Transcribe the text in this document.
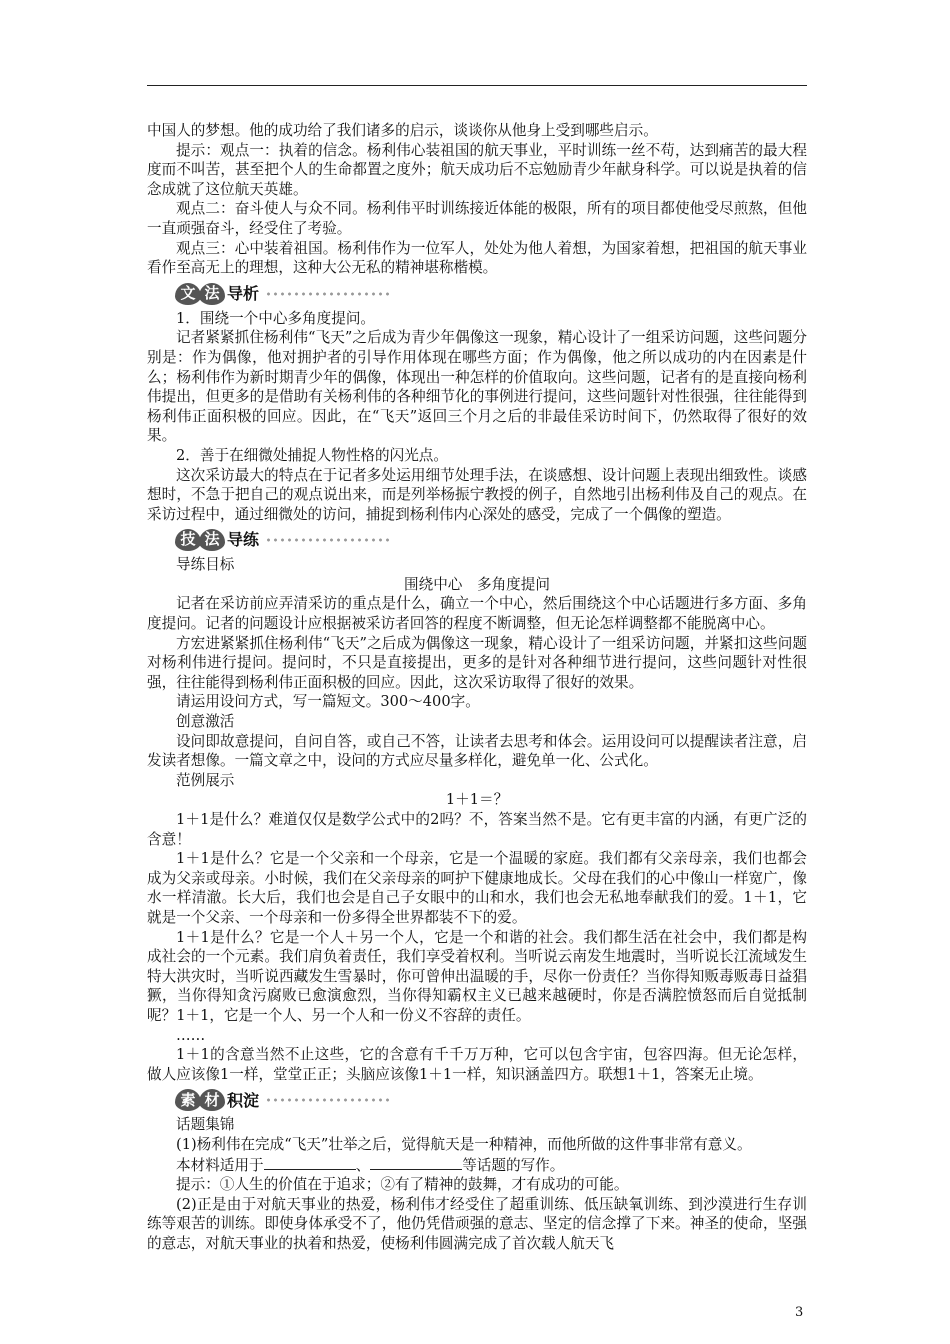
中国人的梦想。他的成功给了我们诸多的启示，谈谈你从他身上受到哪些启示。

提示：观点一：执着的信念。杨利伟心装祖国的航天事业，平时训练一丝不苟，达到痛苦的最大程度而不叫苦，甚至把个人的生命都置之度外；航天成功后不忘勉励青少年献身科学。可以说是执着的信念成就了这位航天英雄。

观点二：奋斗使人与众不同。杨利伟平时训练接近体能的极限，所有的项目都使他受尽煎熬，但他一直顽强奋斗，经受住了考验。

观点三：心中装着祖国。杨利伟作为一位军人，处处为他人着想，为国家着想，把祖国的航天事业看作至高无上的理想，这种大公无私的精神堪称楷模。

文 法 导析

1．围绕一个中心多角度提问。

记者紧紧抓住杨利伟“飞天”之后成为青少年偶像这一现象，精心设计了一组采访问题，这些问题分别是：作为偶像，他对拥护者的引导作用体现在哪些方面；作为偶像，他之所以成功的内在因素是什么；杨利伟作为新时期青少年的偶像，体现出一种怎样的价值取向。这些问题，记者有的是直接向杨利伟提出，但更多的是借助有关杨利伟的各种细节化的事例进行提问，这些问题针对性很强，往往能得到杨利伟正面积极的回应。因此，在“飞天”返回三个月之后的非最佳采访时间下，仍然取得了很好的效果。

2．善于在细微处捕捉人物性格的闪光点。

这次采访最大的特点在于记者多处运用细节处理手法，在谈感想、设计问题上表现出细致性。谈感想时，不急于把自己的观点说出来，而是列举杨振宁教授的例子，自然地引出杨利伟及自己的观点。在采访过程中，通过细微处的访问，捕捉到杨利伟内心深处的感受，完成了一个偶像的塑造。

技 法 导练

导练目标

围绕中心　多角度提问

记者在采访前应弄清采访的重点是什么，确立一个中心，然后围绕这个中心话题进行多方面、多角度提问。记者的问题设计应根据被采访者回答的程度不断调整，但无论怎样调整都不能脱离中心。

方宏进紧紧抓住杨利伟“飞天”之后成为偶像这一现象，精心设计了一组采访问题，并紧扣这些问题对杨利伟进行提问。提问时，不只是直接提出，更多的是针对各种细节进行提问，这些问题针对性很强，往往能得到杨利伟正面积极的回应。因此，这次采访取得了很好的效果。

请运用设问方式，写一篇短文。300～400字。

创意激活

设问即故意提问，自问自答，或自己不答，让读者去思考和体会。运用设问可以提醒读者注意，启发读者想像。一篇文章之中，设问的方式应尽量多样化，避免单一化、公式化。

范例展示

1＋1＝？

1＋1是什么？难道仅仅是数学公式中的2吗？不，答案当然不是。它有更丰富的内涵，有更广泛的含意！

1＋1是什么？它是一个父亲和一个母亲，它是一个温暖的家庭。我们都有父亲母亲，我们也都会成为父亲或母亲。小时候，我们在父亲母亲的呵护下健康地成长。父母在我们的心中像山一样宽广，像水一样清澈。长大后，我们也会是自己子女眼中的山和水，我们也会无私地奉献我们的爱。1＋1，它就是一个父亲、一个母亲和一份多得全世界都装不下的爱。

1＋1是什么？它是一个人＋另一个人，它是一个和谐的社会。我们都生活在社会中，我们都是构成社会的一个元素。我们肩负着责任，我们享受着权利。当听说云南发生地震时，当听说长江流域发生特大洪灾时，当听说西藏发生雪暴时，你可曾伸出温暖的手，尽你一份责任？当你得知贩毒贩毒日益猖獗，当你得知贪污腐败已愈演愈烈，当你得知霸权主义已越来越硬时，你是否满腔愤怒而后自觉抵制呢？1＋1，它是一个人、另一个人和一份义不容辞的责任。

……

1＋1的含意当然不止这些，它的含意有千千万万种，它可以包含宇宙，包容四海。但无论怎样，做人应该像1一样，堂堂正正；头脑应该像1＋1一样，知识涵盖四方。联想1＋1，答案无止境。

素 材 积淀

话题集锦

(1)杨利伟在完成“飞天”壮举之后，觉得航天是一种精神，而他所做的这件事非常有意义。

本材料适用于	、	等话题的写作。

提示：①人生的价值在于追求；②有了精神的鼓舞，才有成功的可能。

(2)正是由于对航天事业的热爱，杨利伟才经受住了超重训练、低压缺氧训练、到沙漠进行生存训练等艰苦的训练。即使身体承受不了，他仍凭借顽强的意志、坚定的信念撑了下来。神圣的使命，坚强的意志，对航天事业的执着和热爱，使杨利伟圆满完成了首次载人航天飞

3
